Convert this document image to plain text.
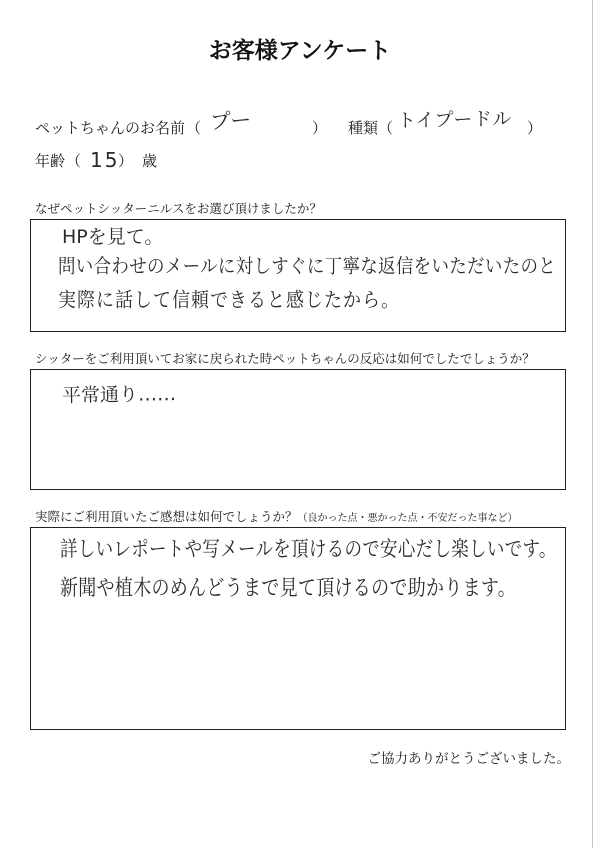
お客様アンケート
ペットちゃんのお名前 （ プー	） 種類 （ トイプードル ）
年齢 （ 15
） 歳
なぜペットシッターニルスをお選び頂けましたか？
HPを見て。
問い合わせのメールに対しすぐに丁寧な返信をいただいたのと
実際に話して信頼できると感じたから。
シッターをご利用頂いてお家に戻られた時ペットちゃんの反応は如何でしたでしょうか？
平常通り……
実際にご利用頂いたご感想は如何でしょうか？（良かった点・悪かった点・不安だった事など）
詳しいレポートや写メールを頂けるので安心だし楽しいです。
新聞や植木のめんどうまで見て頂けるので助かります。
ご協力ありがとうございました。
